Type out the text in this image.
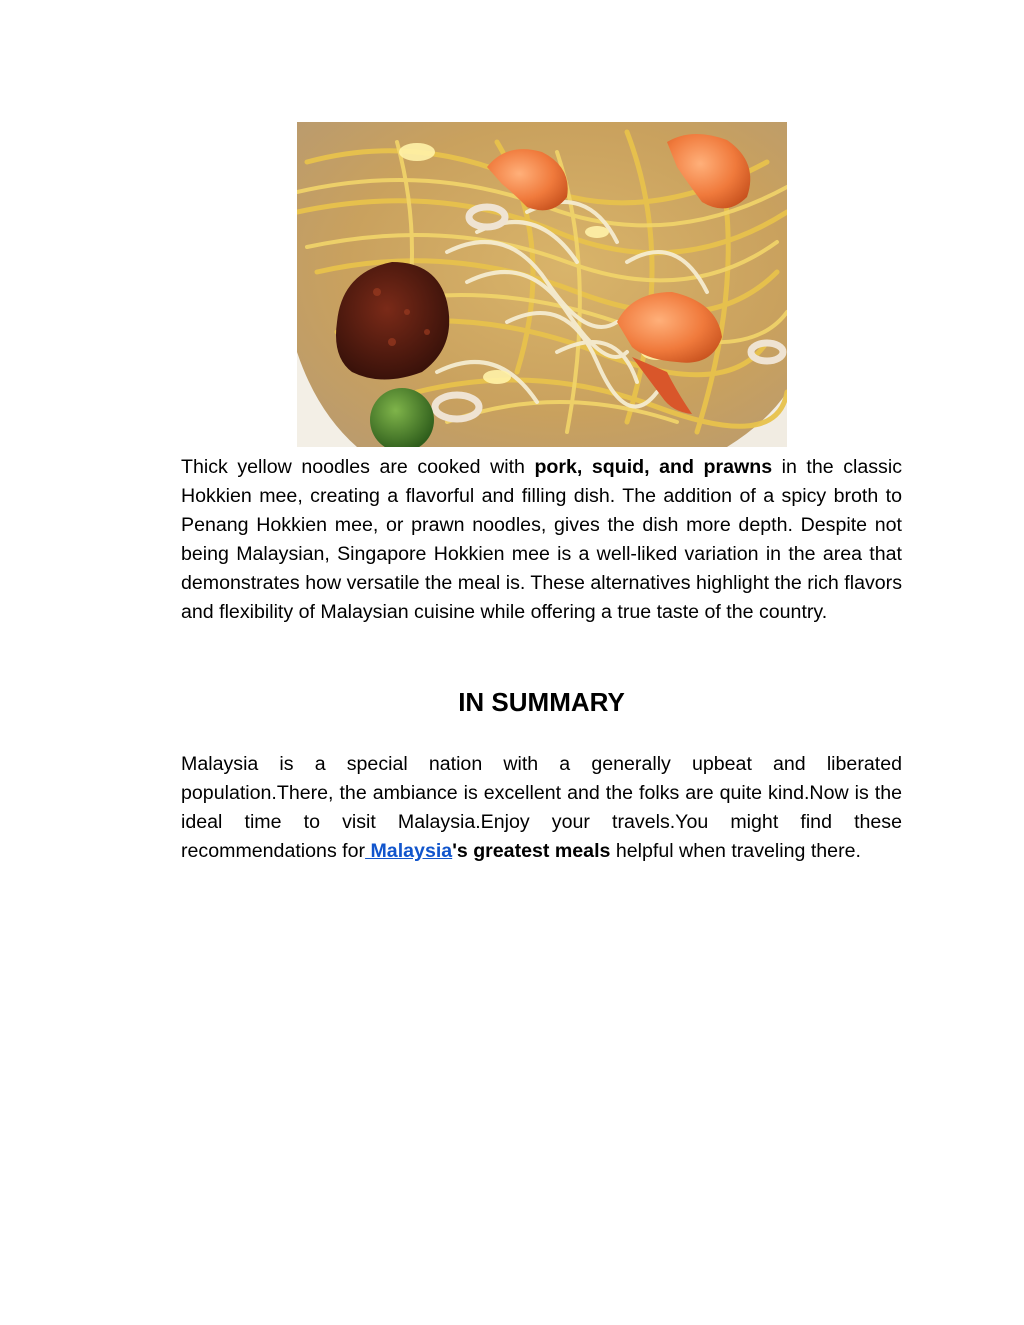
Thick yellow noodles are cooked with pork, squid, and prawns in the classic Hokkien mee, creating a flavorful and filling dish. The addition of a spicy broth to Penang Hokkien mee, or prawn noodles, gives the dish more depth. Despite not being Malaysian, Singapore Hokkien mee is a well-liked variation in the area that demonstrates how versatile the meal is. These alternatives highlight the rich flavors and flexibility of Malaysian cuisine while offering a true taste of the country.

IN SUMMARY

Malaysia is a special nation with a generally upbeat and liberated population.There, the ambiance is excellent and the folks are quite kind.Now is the ideal time to visit Malaysia.Enjoy your travels.You might find these recommendations for Malaysia's greatest meals helpful when traveling there.
